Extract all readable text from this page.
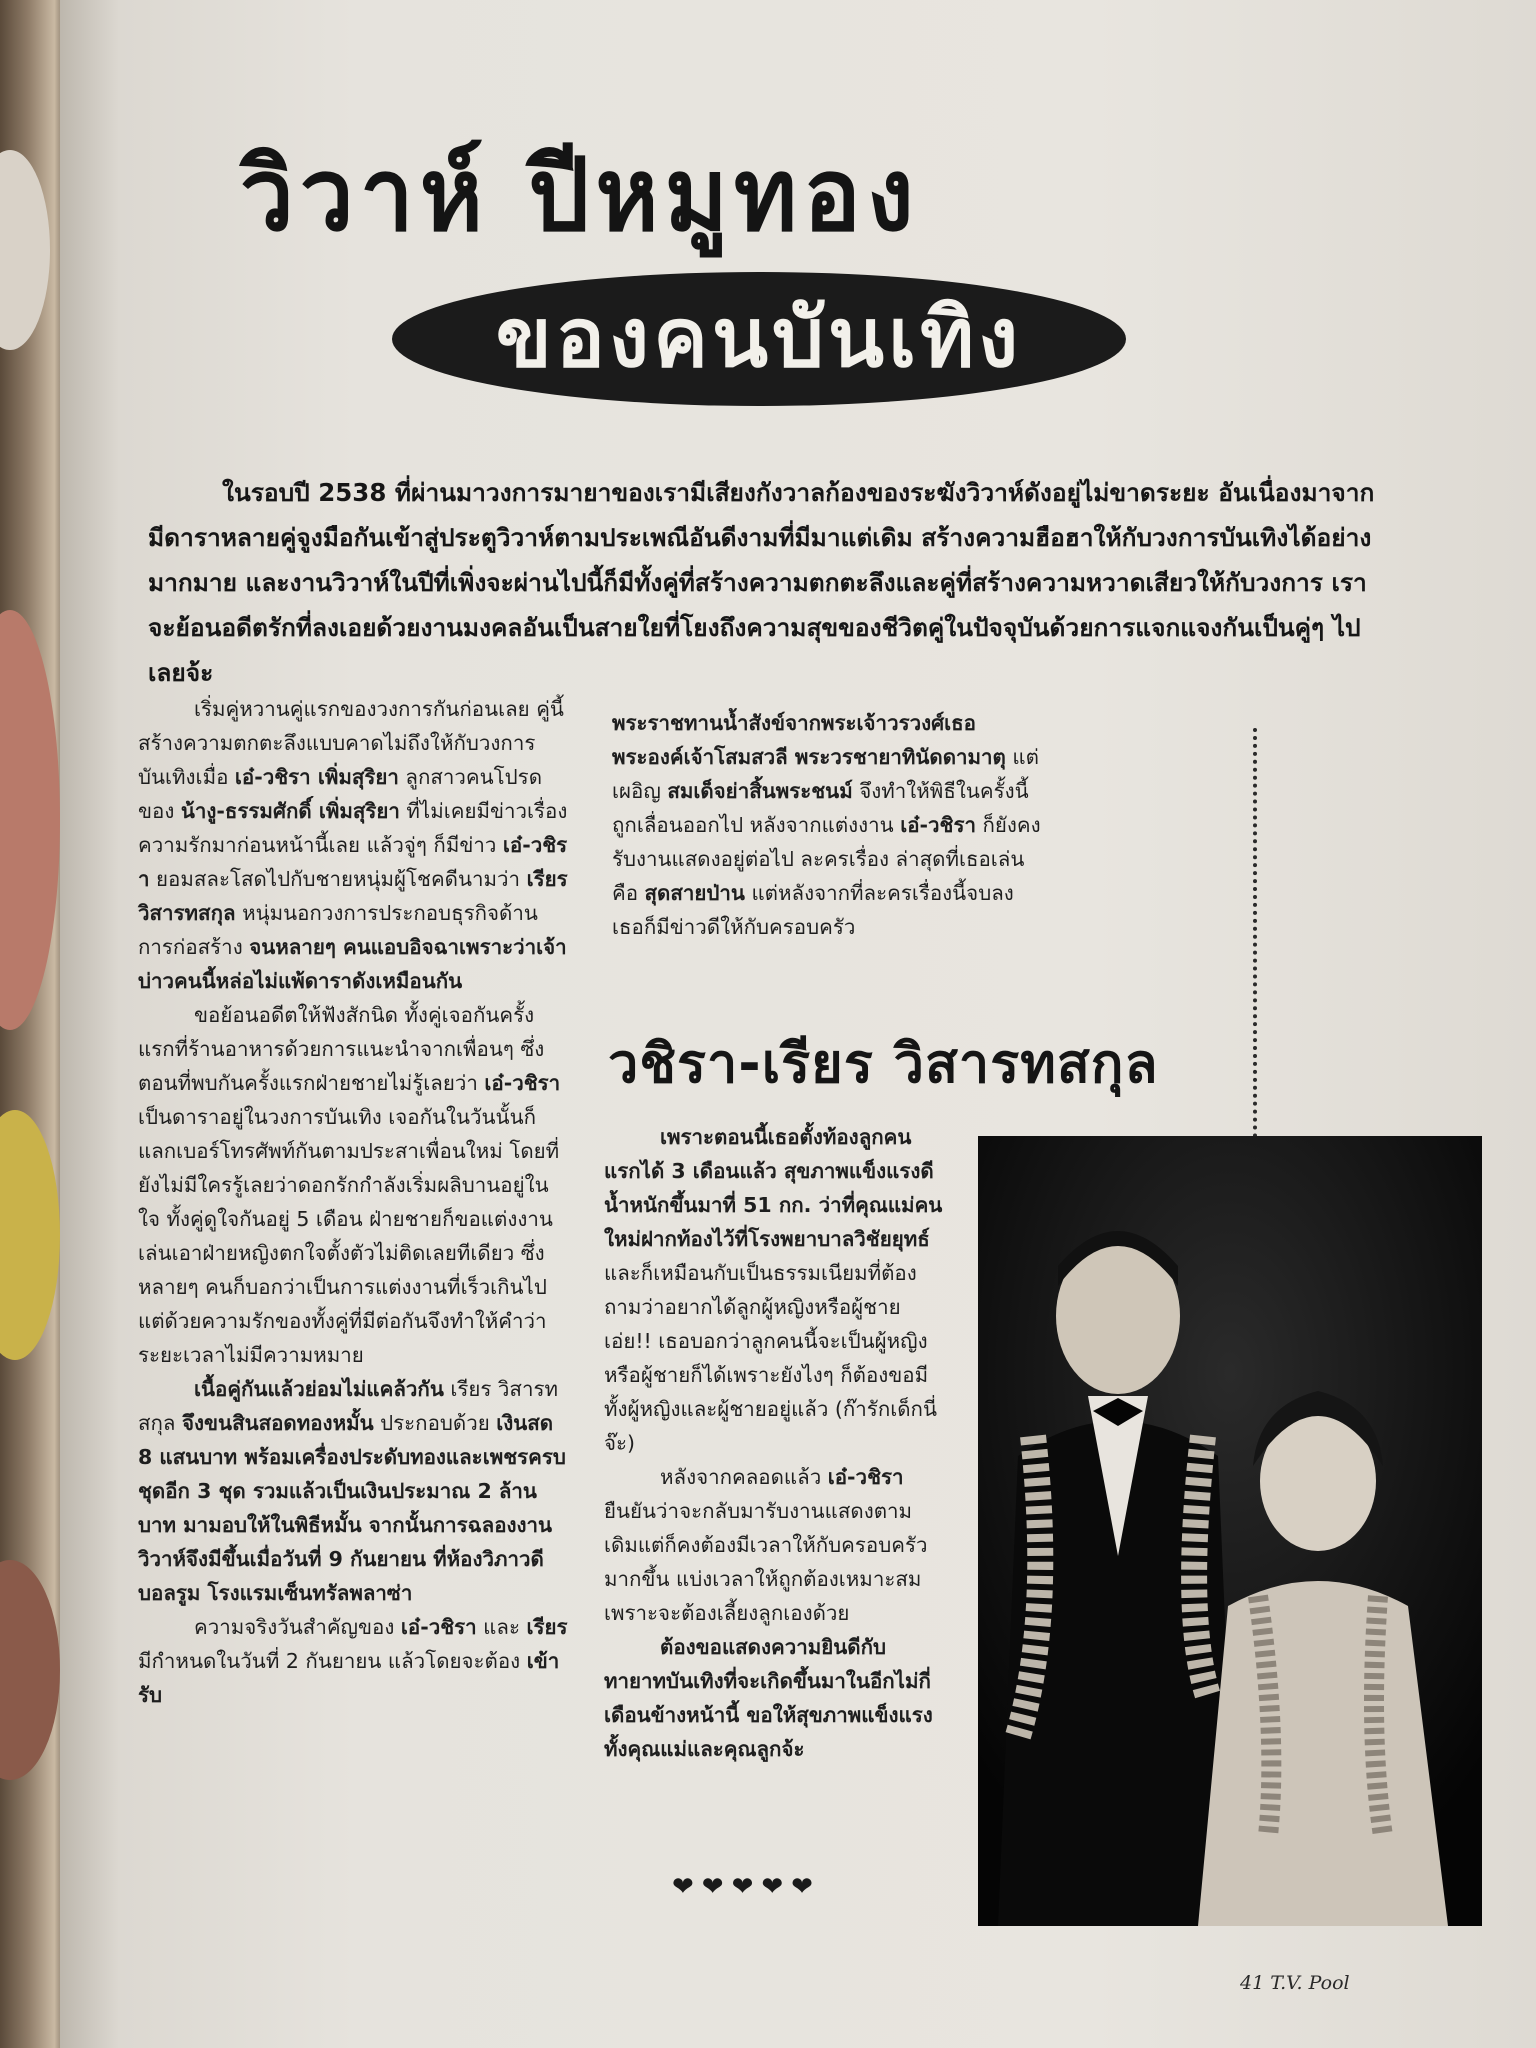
วิวาห์ ปีหมูทอง
ของคนบันเทิง

ในรอบปี 2538 ที่ผ่านมาวงการมายาของเรามีเสียงกังวาลก้องของระฆังวิวาห์ดังอยู่ไม่ขาดระยะ อันเนื่องมาจากมีดาราหลายคู่จูงมือกันเข้าสู่ประตูวิวาห์ตามประเพณีอันดีงามที่มีมาแต่เดิม สร้างความฮือฮาให้กับวงการบันเทิงได้อย่างมากมาย และงานวิวาห์ในปีที่เพิ่งจะผ่านไปนี้ก็มีทั้งคู่ที่สร้างความตกตะลึงและคู่ที่สร้างความหวาดเสียวให้กับวงการ เราจะย้อนอดีตรักที่ลงเอยด้วยงานมงคลอันเป็นสายใยที่โยงถึงความสุขของชีวิตคู่ในปัจจุบันด้วยการแจกแจงกันเป็นคู่ๆ ไปเลยจ้ะ

เริ่มคู่หวานคู่แรกของวงการกันก่อนเลย คู่นี้สร้างความตกตะลึงแบบคาดไม่ถึงให้กับวงการบันเทิงเมื่อ เอ๋-วชิรา เพิ่มสุริยา ลูกสาวคนโปรดของ น้างู-ธรรมศักดิ์ เพิ่มสุริยา ที่ไม่เคยมีข่าวเรื่องความรักมาก่อนหน้านี้เลย แล้วจู่ๆ ก็มีข่าว เอ๋-วชิรา ยอมสละโสดไปกับชายหนุ่มผู้โชคดีนามว่า เรียร วิสารทสกุล หนุ่มนอกวงการประกอบธุรกิจด้านการก่อสร้าง จนหลายๆ คนแอบอิจฉาเพราะว่าเจ้าบ่าวคนนี้หล่อไม่แพ้ดาราดังเหมือนกัน

ขอย้อนอดีตให้ฟังสักนิด ทั้งคู่เจอกันครั้งแรกที่ร้านอาหารด้วยการแนะนำจากเพื่อนๆ ซึ่งตอนที่พบกันครั้งแรกฝ่ายชายไม่รู้เลยว่า เอ๋-วชิรา เป็นดาราอยู่ในวงการบันเทิง เจอกันในวันนั้นก็แลกเบอร์โทรศัพท์กันตามประสาเพื่อนใหม่ โดยที่ยังไม่มีใครรู้เลยว่าดอกรักกำลังเริ่มผลิบานอยู่ในใจ ทั้งคู่ดูใจกันอยู่ 5 เดือน ฝ่ายชายก็ขอแต่งงาน เล่นเอาฝ่ายหญิงตกใจตั้งตัวไม่ติดเลยทีเดียว ซึ่งหลายๆ คนก็บอกว่าเป็นการแต่งงานที่เร็วเกินไป แต่ด้วยความรักของทั้งคู่ที่มีต่อกันจึงทำให้คำว่าระยะเวลาไม่มีความหมาย

เนื้อคู่กันแล้วย่อมไม่แคล้วกัน เรียร วิสารทสกุล จึงขนสินสอดทองหมั้น ประกอบด้วย เงินสด 8 แสนบาท พร้อมเครื่องประดับทองและเพชรครบชุดอีก 3 ชุด รวมแล้วเป็นเงินประมาณ 2 ล้านบาท มามอบให้ในพิธีหมั้น จากนั้นการฉลองงานวิวาห์จึงมีขึ้นเมื่อวันที่ 9 กันยายน ที่ห้องวิภาวดีบอลรูม โรงแรมเซ็นทรัลพลาซ่า

ความจริงวันสำคัญของ เอ๋-วชิรา และ เรียร มีกำหนดในวันที่ 2 กันยายน แล้วโดยจะต้อง เข้ารับ

พระราชทานน้ำสังข์จากพระเจ้าวรวงศ์เธอพระองค์เจ้าโสมสวลี พระวรชายาทินัดดามาตุ แต่เผอิญ สมเด็จย่าสิ้นพระชนม์ จึงทำให้พิธีในครั้งนี้ถูกเลื่อนออกไป หลังจากแต่งงาน เอ๋-วชิรา ก็ยังคงรับงานแสดงอยู่ต่อไป ละครเรื่อง ล่าสุดที่เธอเล่นคือ สุดสายป่าน แต่หลังจากที่ละครเรื่องนี้จบลงเธอก็มีข่าวดีให้กับครอบครัว

วชิรา-เรียร วิสารทสกุล

เพราะตอนนี้เธอตั้งท้องลูกคนแรกได้ 3 เดือนแล้ว สุขภาพแข็งแรงดี น้ำหนักขึ้นมาที่ 51 กก. ว่าที่คุณแม่คนใหม่ฝากท้องไว้ที่โรงพยาบาลวิชัยยุทธ์ และก็เหมือนกับเป็นธรรมเนียมที่ต้องถามว่าอยากได้ลูกผู้หญิงหรือผู้ชายเอ่ย!! เธอบอกว่าลูกคนนี้จะเป็นผู้หญิงหรือผู้ชายก็ได้เพราะยังไงๆ ก็ต้องขอมีทั้งผู้หญิงและผู้ชายอยู่แล้ว (ก๊ารักเด็กนี่จ๊ะ)

หลังจากคลอดแล้ว เอ๋-วชิรา ยืนยันว่าจะกลับมารับงานแสดงตามเดิมแต่ก็คงต้องมีเวลาให้กับครอบครัวมากขึ้น แบ่งเวลาให้ถูกต้องเหมาะสมเพราะจะต้องเลี้ยงลูกเองด้วย

ต้องขอแสดงความยินดีกับทายาทบันเทิงที่จะเกิดขึ้นมาในอีกไม่กี่เดือนข้างหน้านี้ ขอให้สุขภาพแข็งแรงทั้งคุณแม่และคุณลูกจ้ะ

❤❤❤❤❤
41 T.V. Pool
